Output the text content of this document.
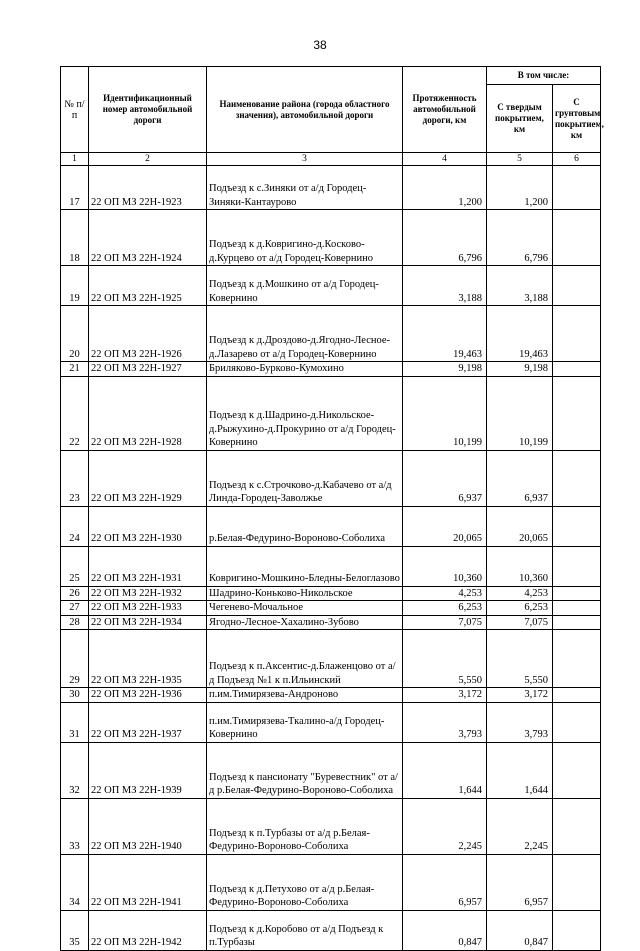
38
№ п/п	Идентификационный номер автомобильной дороги	Наименование района (города областного значения), автомобильной дороги	Протяженность автомобильной дороги, км	В том числе:	
				С твердым покрытием, км	С грунтовым покрытием, км
1	2	3	4	5	6
17	22 ОП МЗ 22Н-1923	Подъезд к с.Зиняки от а/д Городец-Зиняки-Кантаурово	1,200	1,200	
18	22 ОП МЗ 22Н-1924	Подъезд к д.Ковригино-д.Косково-д.Курцево от а/д Городец-Ковернино	6,796	6,796	
19	22 ОП МЗ 22Н-1925	Подъезд к д.Мошкино от а/д Городец-Ковернино	3,188	3,188	
20	22 ОП МЗ 22Н-1926	Подъезд к д.Дроздово-д.Ягодно-Лесное-д.Лазарево от а/д Городец-Ковернино	19,463	19,463	
21	22 ОП МЗ 22Н-1927	Бриляково-Бурково-Кумохино	9,198	9,198	
22	22 ОП МЗ 22Н-1928	Подъезд к д.Шадрино-д.Никольское-д.Рыжухино-д.Прокурино от а/д Городец-Ковернино	10,199	10,199	
23	22 ОП МЗ 22Н-1929	Подъезд к с.Строчково-д.Кабачево от а/д Линда-Городец-Заволжье	6,937	6,937	
24	22 ОП МЗ 22Н-1930	р.Белая-Федурино-Вороново-Соболиха	20,065	20,065	
25	22 ОП МЗ 22Н-1931	Ковригино-Мошкино-Бледны-Белоглазово	10,360	10,360	
26	22 ОП МЗ 22Н-1932	Шадрино-Коньково-Никольское	4,253	4,253	
27	22 ОП МЗ 22Н-1933	Чегенево-Мочальное	6,253	6,253	
28	22 ОП МЗ 22Н-1934	Ягодно-Лесное-Хахалино-Зубово	7,075	7,075	
29	22 ОП МЗ 22Н-1935	Подъезд к п.Аксентис-д.Блаженцово от а/д Подъезд №1 к п.Ильинский	5,550	5,550	
30	22 ОП МЗ 22Н-1936	п.им.Тимирязева-Андроново	3,172	3,172	
31	22 ОП МЗ 22Н-1937	п.им.Тимирязева-Ткалино-а/д Городец-Ковернино	3,793	3,793	
32	22 ОП МЗ 22Н-1939	Подъезд к пансионату "Буревестник" от а/д р.Белая-Федурино-Вороново-Соболиха	1,644	1,644	
33	22 ОП МЗ 22Н-1940	Подъезд к п.Турбазы от а/д р.Белая-Федурино-Вороново-Соболиха	2,245	2,245	
34	22 ОП МЗ 22Н-1941	Подъезд к д.Петухово от а/д р.Белая-Федурино-Вороново-Соболиха	6,957	6,957	
35	22 ОП МЗ 22Н-1942	Подъезд к д.Коробово от а/д Подъезд к п.Турбазы	0,847	0,847	
